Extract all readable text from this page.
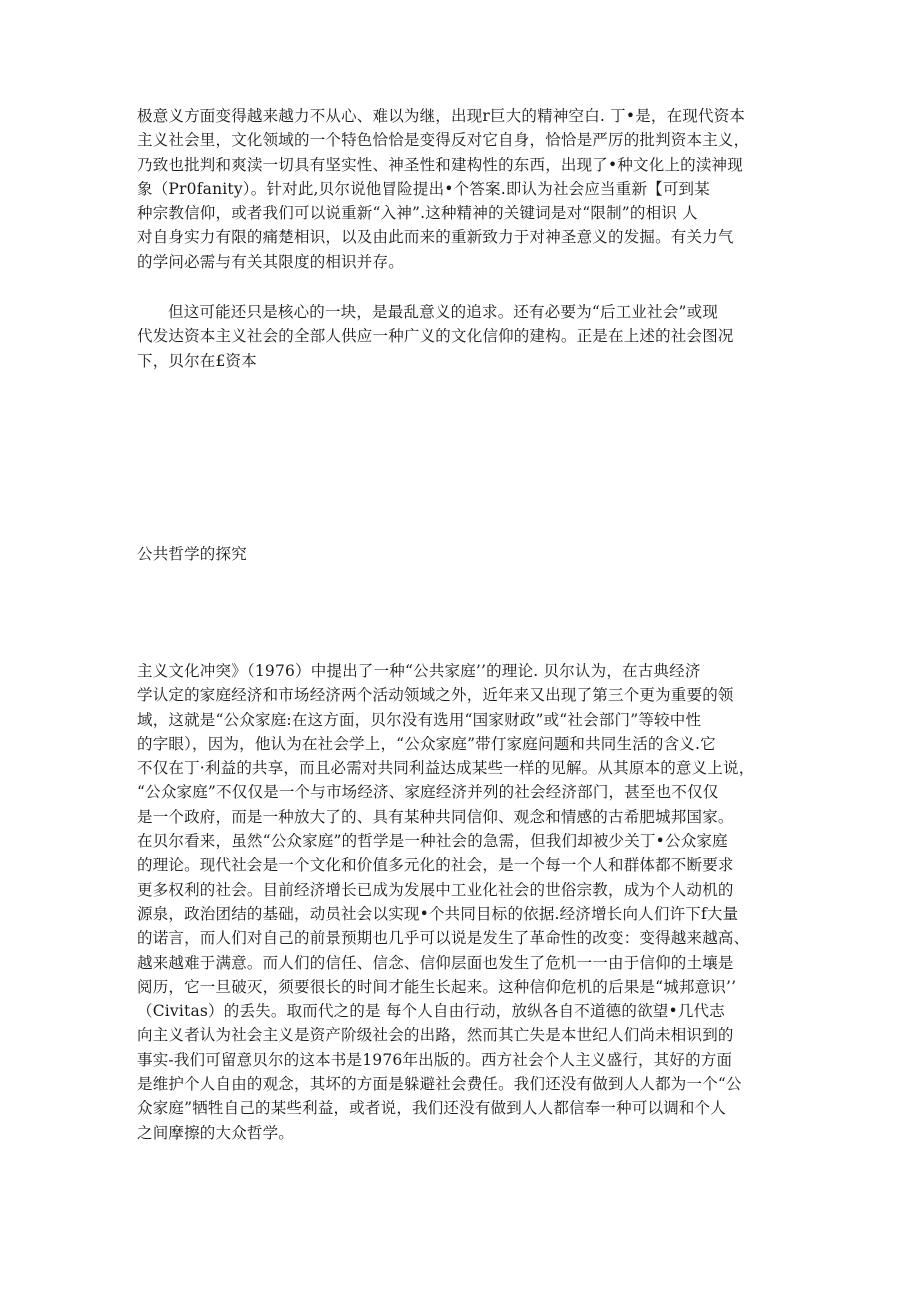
极意义方面变得越来越力不从心、难以为继，出现r巨大的精神空白. 丁•是，在现代资本
主义社会里，文化领域的一个特色恰恰是变得反对它自身，恰恰是严厉的批判资本主义，
乃致也批判和爽渎一切具有坚实性、神圣性和建构性的东西，出现了•种文化上的渎神现
象（Pr0fanity）。针对此,贝尔说他冒险提出•个答案.即认为社会应当重新【可到某
种宗教信仰，或者我们可以说重新“入神”.这种精神的关键词是对“限制”的相识 人
对自身实力有限的痛楚相识，以及由此而来的重新致力于对神圣意义的发掘。有关力气
的学问必需与有关其限度的相识并存。
但这可能还只是核心的一块，是最乱意义的追求。还有必要为“后工业社会”或现
代发达资本主义社会的全部人供应一种广义的文化信仰的建构。正是在上述的社会图况
下，贝尔在£资本
公共哲学的探究
主义文化冲突》（1976）中提出了一种“公共家庭’’的理论. 贝尔认为，在古典经济
学认定的家庭经济和市场经济两个活动领域之外，近年来又出现了第三个更为重要的领
域，这就是“公众家庭:在这方面，贝尔没有选用“国家财政”或“社会部门”等较中性
的字眼），因为，他认为在社会学上，“公众家庭”带仃家庭问题和共同生活的含义.它
不仅在丁·利益的共享，而且必需对共同利益达成某些一样的见解。从其原本的意义上说，
“公众家庭”不仅仅是一个与市场经济、家庭经济并列的社会经济部门，甚至也不仅仅
是一个政府，而是一种放大了的、具有某种共同信仰、观念和情感的古希肥城邦国家。
在贝尔看来，虽然“公众家庭”的哲学是一种社会的急需，但我们却被少关丁•公众家庭
的理论。现代社会是一个文化和价值多元化的社会，是一个每一个人和群体都不断要求
更多权利的社会。目前经济增长已成为发展中工业化社会的世俗宗教，成为个人动机的
源泉，政治团结的基础，动员社会以实现•个共同目标的依据.经济增长向人们许下f大量
的诺言，而人们对自己的前景预期也几乎可以说是发生了革命性的改变：变得越来越高、
越来越难于满意。而人们的信任、信念、信仰层面也发生了危机一一由于信仰的土壤是
阅历，它一旦破灭，须要很长的时间才能生长起来。这种信仰危机的后果是“城邦意识’’
（Civitas）的丢失。取而代之的是 每个人自由行动，放纵各自不道德的欲望•几代志
向主义者认为社会主义是资产阶级社会的出路，然而其亡失是本世纪人们尚未相识到的
事实-我们可留意贝尔的这本书是1976年出版的。西方社会个人主义盛行，其好的方面
是维护个人自由的观念，其坏的方面是躲避社会费任。我们还没有做到人人都为一个“公
众家庭”牺牲自己的某些利益，或者说，我们还没有做到人人都信奉一种可以调和个人
之间摩擦的大众哲学。
